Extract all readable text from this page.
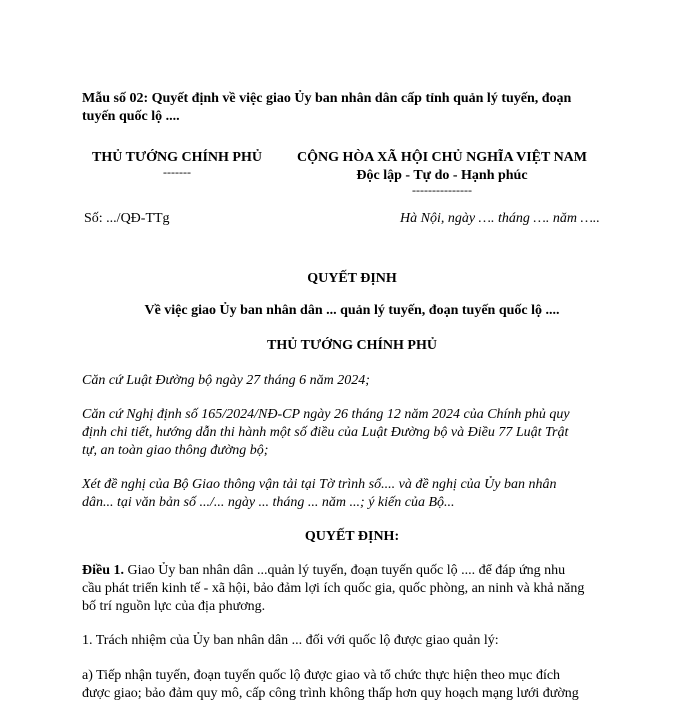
Mẫu số 02: Quyết định về việc giao Ủy ban nhân dân cấp tỉnh quản lý tuyến, đoạn
tuyến quốc lộ ....
THỦ TƯỚNG CHÍNH PHỦ
-------
CỘNG HÒA XÃ HỘI CHỦ NGHĨA VIỆT NAM
Độc lập - Tự do - Hạnh phúc
---------------
Số: .../QĐ-TTg	Hà Nội, ngày …. tháng …. năm …..
QUYẾT ĐỊNH
Về việc giao Ủy ban nhân dân ... quản lý tuyến, đoạn tuyến quốc lộ ....
THỦ TƯỚNG CHÍNH PHỦ
Căn cứ Luật Đường bộ ngày 27 tháng 6 năm 2024;
Căn cứ Nghị định số 165/2024/NĐ-CP ngày 26 tháng 12 năm 2024 của Chính phủ quy
định chi tiết, hướng dẫn thi hành một số điều của Luật Đường bộ và Điều 77 Luật Trật
tự, an toàn giao thông đường bộ;
Xét đề nghị của Bộ Giao thông vận tải tại Tờ trình số.... và đề nghị của Ủy ban nhân
dân... tại văn bản số .../... ngày ... tháng ... năm ...; ý kiến của Bộ...
QUYẾT ĐỊNH:
Điều 1. Giao Ủy ban nhân dân ...quản lý tuyến, đoạn tuyến quốc lộ .... để đáp ứng nhu
cầu phát triển kinh tế - xã hội, bảo đảm lợi ích quốc gia, quốc phòng, an ninh và khả năng
bố trí nguồn lực của địa phương.
1. Trách nhiệm của Ủy ban nhân dân ... đối với quốc lộ được giao quản lý:
a) Tiếp nhận tuyến, đoạn tuyến quốc lộ được giao và tổ chức thực hiện theo mục đích
được giao; bảo đảm quy mô, cấp công trình không thấp hơn quy hoạch mạng lưới đường
